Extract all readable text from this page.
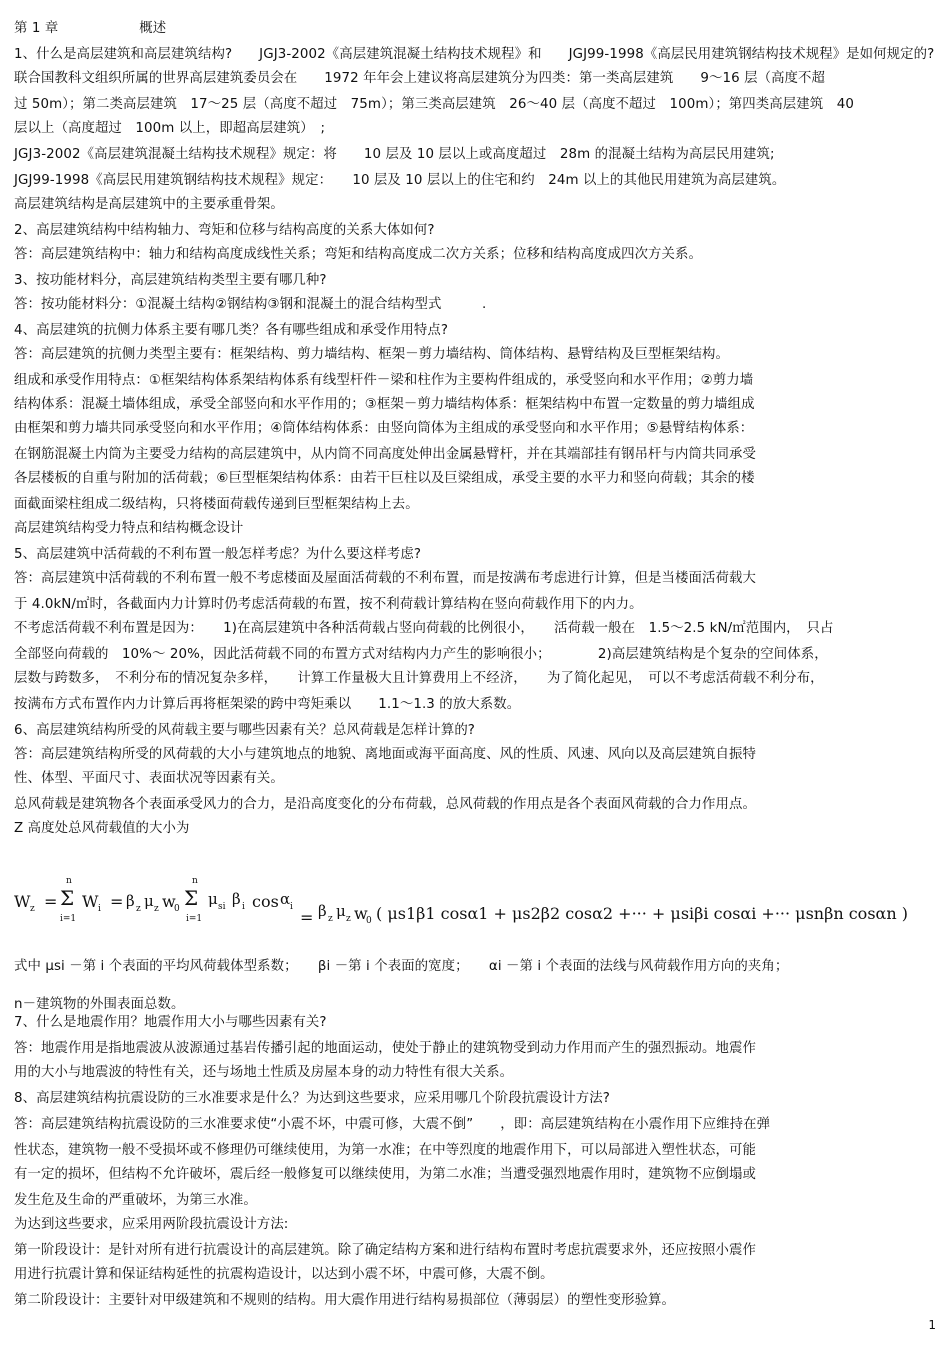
第 1 章　　　　　　概述
1、什么是高层建筑和高层建筑结构?　　JGJ3-2002《高层建筑混凝土结构技术规程》和　　JGJ99-1998《高层民用建筑钢结构技术规程》是如何规定的?
联合国教科文组织所属的世界高层建筑委员会在　　1972 年年会上建议将高层建筑分为四类：第一类高层建筑　　9～16 层（高度不超
过 50m）；第二类高层建筑　17～25 层（高度不超过　75m）；第三类高层建筑　26～40 层（高度不超过　100m）；第四类高层建筑　40
层以上（高度超过　100m 以上，即超高层建筑）　;
JGJ3-2002《高层建筑混凝土结构技术规程》规定：将　　10 层及 10 层以上或高度超过　28m 的混凝土结构为高层民用建筑;
JGJ99-1998《高层民用建筑钢结构技术规程》规定：　　10 层及 10 层以上的住宅和约　24m 以上的其他民用建筑为高层建筑。
高层建筑结构是高层建筑中的主要承重骨架。
2、高层建筑结构中结构轴力、弯矩和位移与结构高度的关系大体如何?
答：高层建筑结构中：轴力和结构高度成线性关系；弯矩和结构高度成二次方关系；位移和结构高度成四次方关系。
3、按功能材料分，高层建筑结构类型主要有哪几种?
答：按功能材料分：①混凝土结构②钢结构③钢和混凝土的混合结构型式　　　.
4、高层建筑的抗侧力体系主要有哪几类？各有哪些组成和承受作用特点?
答：高层建筑的抗侧力类型主要有：框架结构、剪力墙结构、框架－剪力墙结构、筒体结构、悬臂结构及巨型框架结构。
组成和承受作用特点：①框架结构体系架结构体系有线型杆件－梁和柱作为主要构件组成的，承受竖向和水平作用；②剪力墙
结构体系：混凝土墙体组成，承受全部竖向和水平作用的；③框架－剪力墙结构体系：框架结构中布置一定数量的剪力墙组成
由框架和剪力墙共同承受竖向和水平作用；④筒体结构体系：由竖向筒体为主组成的承受竖向和水平作用；⑤悬臂结构体系：
在钢筋混凝土内筒为主要受力结构的高层建筑中，从内筒不同高度处伸出金属悬臂杆，并在其端部挂有钢吊杆与内筒共同承受
各层楼板的自重与附加的活荷载；⑥巨型框架结构体系：由若干巨柱以及巨梁组成，承受主要的水平力和竖向荷载；其余的楼
面截面梁柱组成二级结构，只将楼面荷载传递到巨型框架结构上去。
高层建筑结构受力特点和结构概念设计
5、高层建筑中活荷载的不利布置一般怎样考虑？为什么要这样考虑?
答：高层建筑中活荷载的不利布置一般不考虑楼面及屋面活荷载的不利布置，而是按满布考虑进行计算，但是当楼面活荷载大
于 4.0kN/㎡时，各截面内力计算时仍考虑活荷载的布置，按不利荷载计算结构在竖向荷载作用下的内力。
不考虑活荷载不利布置是因为：　　1)在高层建筑中各种活荷载占竖向荷载的比例很小，　　活荷载一般在　1.5～2.5 kN/㎡范围内，　只占
全部竖向荷载的　10%～ 20%，因此活荷载不同的布置方式对结构内力产生的影响很小；　　　　2)高层建筑结构是个复杂的空间体系，
层数与跨数多，　不利分布的情况复杂多样，　　计算工作量极大且计算费用上不经济，　　为了简化起见，　可以不考虑活荷载不利分布，
按满布方式布置作内力计算后再将框架梁的跨中弯矩乘以　　1.1～1.3 的放大系数。
6、高层建筑结构所受的风荷载主要与哪些因素有关？总风荷载是怎样计算的?
答：高层建筑结构所受的风荷载的大小与建筑地点的地貌、离地面或海平面高度、风的性质、风速、风向以及高层建筑自振特
性、体型、平面尺寸、表面状况等因素有关。
总风荷载是建筑物各个表面承受风力的合力，是沿高度变化的分布荷载，总风荷载的作用点是各个表面风荷载的合力作用点。
Z 高度处总风荷载值的大小为
W z =
n
Σ
i=1
W i = β z μ z w
0
n
Σ
i=1
μ si β i cos α i
= β z μ z w
0 ( μs1β1 cosα1 + μs2β2 cosα2 +··· + μsiβi cosαi +··· μsnβn cosαn )
式中 μsi －第 i 个表面的平均风荷载体型系数；　　βi －第 i 个表面的宽度；　　αi －第 i 个表面的法线与风荷载作用方向的夹角；
n－建筑物的外围表面总数。
7、什么是地震作用？地震作用大小与哪些因素有关?
答：地震作用是指地震波从波源通过基岩传播引起的地面运动，使处于静止的建筑物受到动力作用而产生的强烈振动。地震作
用的大小与地震波的特性有关，还与场地土性质及房屋本身的动力特性有很大关系。
8、高层建筑结构抗震设防的三水准要求是什么？为达到这些要求，应采用哪几个阶段抗震设计方法?
答：高层建筑结构抗震设防的三水准要求使“小震不坏，中震可修，大震不倒”　　，即：高层建筑结构在小震作用下应维持在弹
性状态，建筑物一般不受损坏或不修理仍可继续使用，为第一水准；在中等烈度的地震作用下，可以局部进入塑性状态，可能
有一定的损坏，但结构不允许破坏，震后经一般修复可以继续使用，为第二水准；当遭受强烈地震作用时，建筑物不应倒塌或
发生危及生命的严重破坏，为第三水准。
为达到这些要求，应采用两阶段抗震设计方法:
第一阶段设计：是针对所有进行抗震设计的高层建筑。除了确定结构方案和进行结构布置时考虑抗震要求外，还应按照小震作
用进行抗震计算和保证结构延性的抗震构造设计，以达到小震不坏，中震可修，大震不倒。
第二阶段设计：主要针对甲级建筑和不规则的结构。用大震作用进行结构易损部位（薄弱层）的塑性变形验算。
1
